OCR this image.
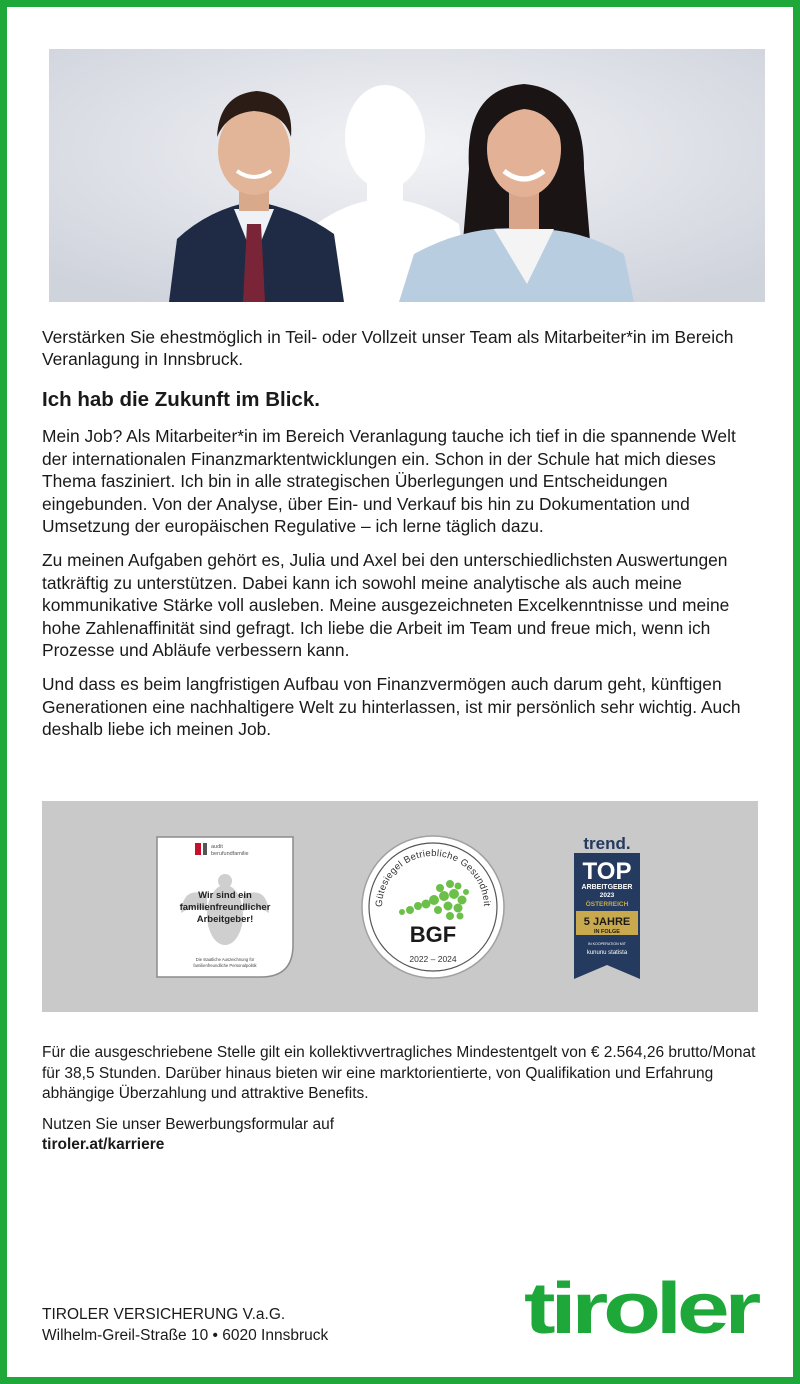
Verstärken Sie ehestmöglich in Teil- oder Vollzeit unser Team als Mitarbeiter*in im Bereich Veranlagung in Innsbruck.

Ich hab die Zukunft im Blick.

Mein Job? Als Mitarbeiter*in im Bereich Veranlagung tauche ich tief in die spannende Welt der internationalen Finanzmarktentwicklungen ein. Schon in der Schule hat mich dieses Thema fasziniert. Ich bin in alle strategischen Überlegungen und Entscheidungen eingebunden. Von der Analyse, über Ein- und Verkauf bis hin zu Dokumentation und Umsetzung der europäischen Regulative – ich lerne täglich dazu.

Zu meinen Aufgaben gehört es, Julia und Axel bei den unterschiedlichsten Auswertungen tatkräftig zu unterstützen. Dabei kann ich sowohl meine analytische als auch meine kommunikative Stärke voll ausleben. Meine ausgezeichneten Excelkenntnisse und meine hohe Zahlenaffinität sind gefragt. Ich liebe die Arbeit im Team und freue mich, wenn ich Prozesse und Abläufe verbessern kann.

Und dass es beim langfristigen Aufbau von Finanzvermögen auch darum geht, künftigen Generationen eine nachhaltigere Welt zu hinterlassen, ist mir persönlich sehr wichtig. Auch deshalb liebe ich meinen Job.

audit
berufundfamilie
Wir sind ein
familienfreundlicher
Arbeitgeber!
Die staatliche Auszeichnung für
familienfreundliche Personalpolitik
Gütesiegel Betriebliche Gesundheit
BGF
2022 – 2024
trend.
TOP
ARBEITGEBER
2023
ÖSTERREICH
5 JAHRE
IN FOLGE
IN KOOPERATION MIT
kununu statista

Für die ausgeschriebene Stelle gilt ein kollektivvertragliches Mindestentgelt von € 2.564,26 brutto/Monat für 38,5 Stunden. Darüber hinaus bieten wir eine marktorientierte, von Qualifikation und Erfahrung abhängige Überzahlung und attraktive Benefits.

Nutzen Sie unser Bewerbungsformular auf
tiroler.at/karriere

TIROLER VERSICHERUNG V.a.G.
Wilhelm-Greil-Straße 10 • 6020 Innsbruck	tiroler
